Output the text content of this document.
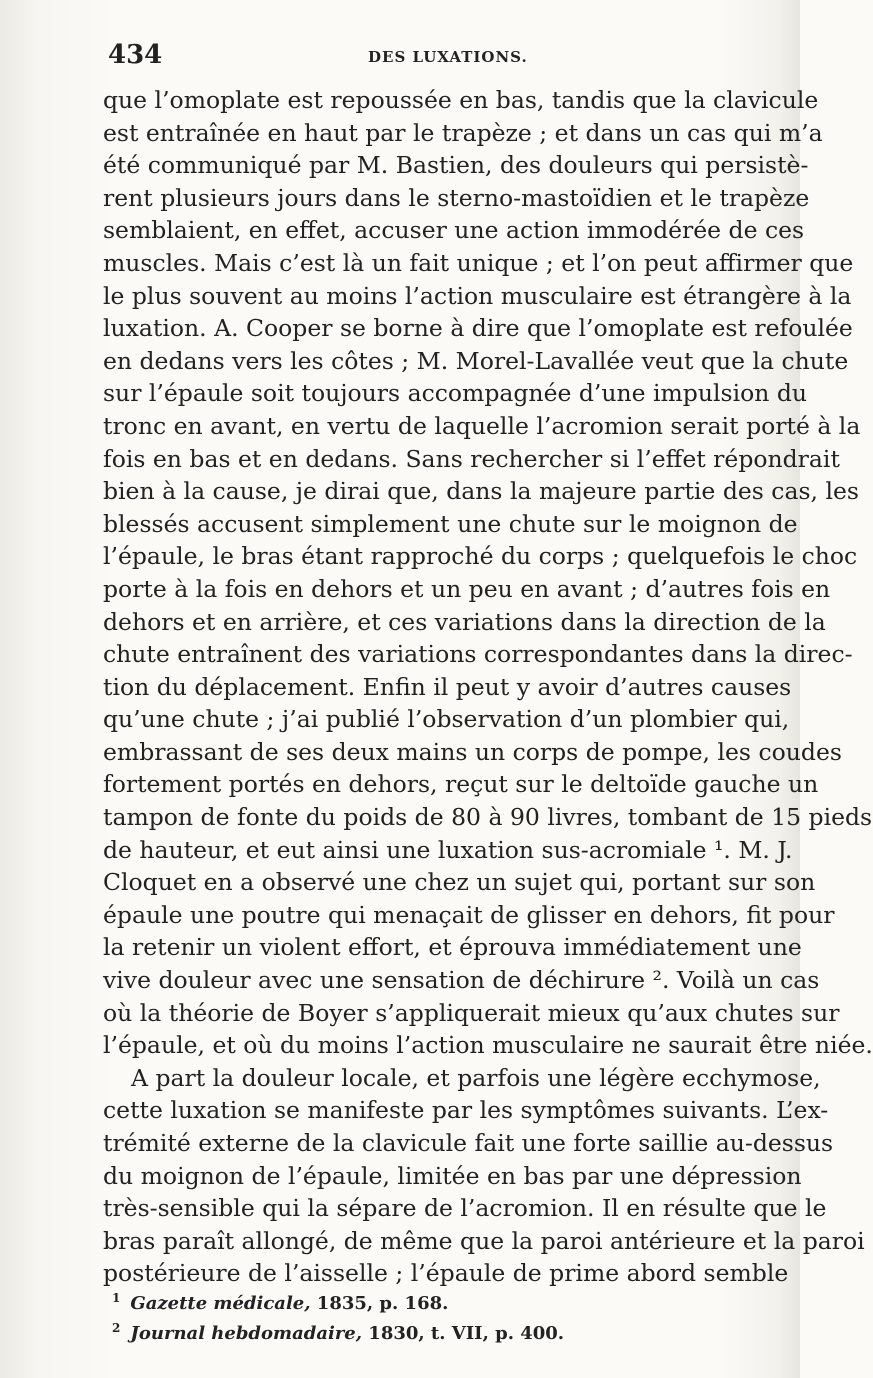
434	DES LUXATIONS.
que l’omoplate est repoussée en bas, tandis que la clavicule
est entraînée en haut par le trapèze ; et dans un cas qui m’a
été communiqué par M. Bastien, des douleurs qui persistè-
rent plusieurs jours dans le sterno-mastoïdien et le trapèze
semblaient, en effet, accuser une action immodérée de ces
muscles. Mais c’est là un fait unique ; et l’on peut affirmer que
le plus souvent au moins l’action musculaire est étrangère à la
luxation. A. Cooper se borne à dire que l’omoplate est refoulée
en dedans vers les côtes ; M. Morel-Lavallée veut que la chute
sur l’épaule soit toujours accompagnée d’une impulsion du
tronc en avant, en vertu de laquelle l’acromion serait porté à la
fois en bas et en dedans. Sans rechercher si l’effet répondrait
bien à la cause, je dirai que, dans la majeure partie des cas, les
blessés accusent simplement une chute sur le moignon de
l’épaule, le bras étant rapproché du corps ; quelquefois le choc
porte à la fois en dehors et un peu en avant ; d’autres fois en
dehors et en arrière, et ces variations dans la direction de la
chute entraînent des variations correspondantes dans la direc-
tion du déplacement. Enfin il peut y avoir d’autres causes
qu’une chute ; j’ai publié l’observation d’un plombier qui,
embrassant de ses deux mains un corps de pompe, les coudes
fortement portés en dehors, reçut sur le deltoïde gauche un
tampon de fonte du poids de 80 à 90 livres, tombant de 15 pieds
de hauteur, et eut ainsi une luxation sus-acromiale ¹. M. J.
Cloquet en a observé une chez un sujet qui, portant sur son
épaule une poutre qui menaçait de glisser en dehors, fit pour
la retenir un violent effort, et éprouva immédiatement une
vive douleur avec une sensation de déchirure ². Voilà un cas
où la théorie de Boyer s’appliquerait mieux qu’aux chutes sur
l’épaule, et où du moins l’action musculaire ne saurait être niée.
A part la douleur locale, et parfois une légère ecchymose,
cette luxation se manifeste par les symptômes suivants. L’ex-
trémité externe de la clavicule fait une forte saillie au-dessus
du moignon de l’épaule, limitée en bas par une dépression
très-sensible qui la sépare de l’acromion. Il en résulte que le
bras paraît allongé, de même que la paroi antérieure et la paroi
postérieure de l’aisselle ; l’épaule de prime abord semble
$^1$ Gazette médicale, 1835, p. 168.
$^2$ Journal hebdomadaire, 1830, t. VII, p. 400.
